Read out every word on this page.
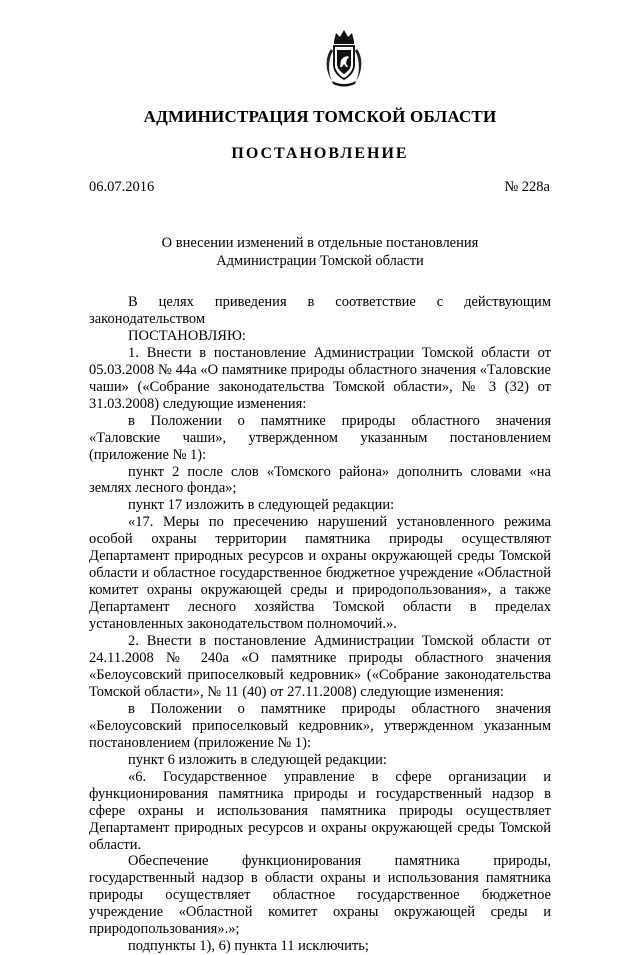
АДМИНИСТРАЦИЯ ТОМСКОЙ ОБЛАСТИ
ПОСТАНОВЛЕНИЕ
06.07.2016	№ 228а
О внесении изменений в отдельные постановления
Администрации Томской области

В целях приведения в соответствие с действующим законодательством

ПОСТАНОВЛЯЮ:

1. Внести в постановление Администрации Томской области от 05.03.2008 № 44а «О памятнике природы областного значения «Таловские чаши» («Собрание законодательства Томской области», № 3 (32) от 31.03.2008) следующие изменения:

в Положении о памятнике природы областного значения «Таловские чаши», утвержденном указанным постановлением (приложение № 1):

пункт 2 после слов «Томского района» дополнить словами «на землях лесного фонда»;

пункт 17 изложить в следующей редакции:

«17. Меры по пресечению нарушений установленного режима особой охраны территории памятника природы осуществляют Департамент природных ресурсов и охраны окружающей среды Томской области и областное государственное бюджетное учреждение «Областной комитет охраны окружающей среды и природопользования», а также Департамент лесного хозяйства Томской области в пределах установленных законодательством полномочий.».

2. Внести в постановление Администрации Томской области от 24.11.2008 № 240а «О памятнике природы областного значения «Белоусовский припоселковый кедровник» («Собрание законодательства Томской области», № 11 (40) от 27.11.2008) следующие изменения:

в Положении о памятнике природы областного значения «Белоусовский припоселковый кедровник», утвержденном указанным постановлением (приложение № 1):

пункт 6 изложить в следующей редакции:

«6. Государственное управление в сфере организации и функционирования памятника природы и государственный надзор в сфере охраны и использования памятника природы осуществляет Департамент природных ресурсов и охраны окружающей среды Томской области.

Обеспечение функционирования памятника природы, государственный надзор в области охраны и использования памятника природы осуществляет областное государственное бюджетное учреждение «Областной комитет охраны окружающей среды и природопользования».»;

подпункты 1), 6) пункта 11 исключить;
